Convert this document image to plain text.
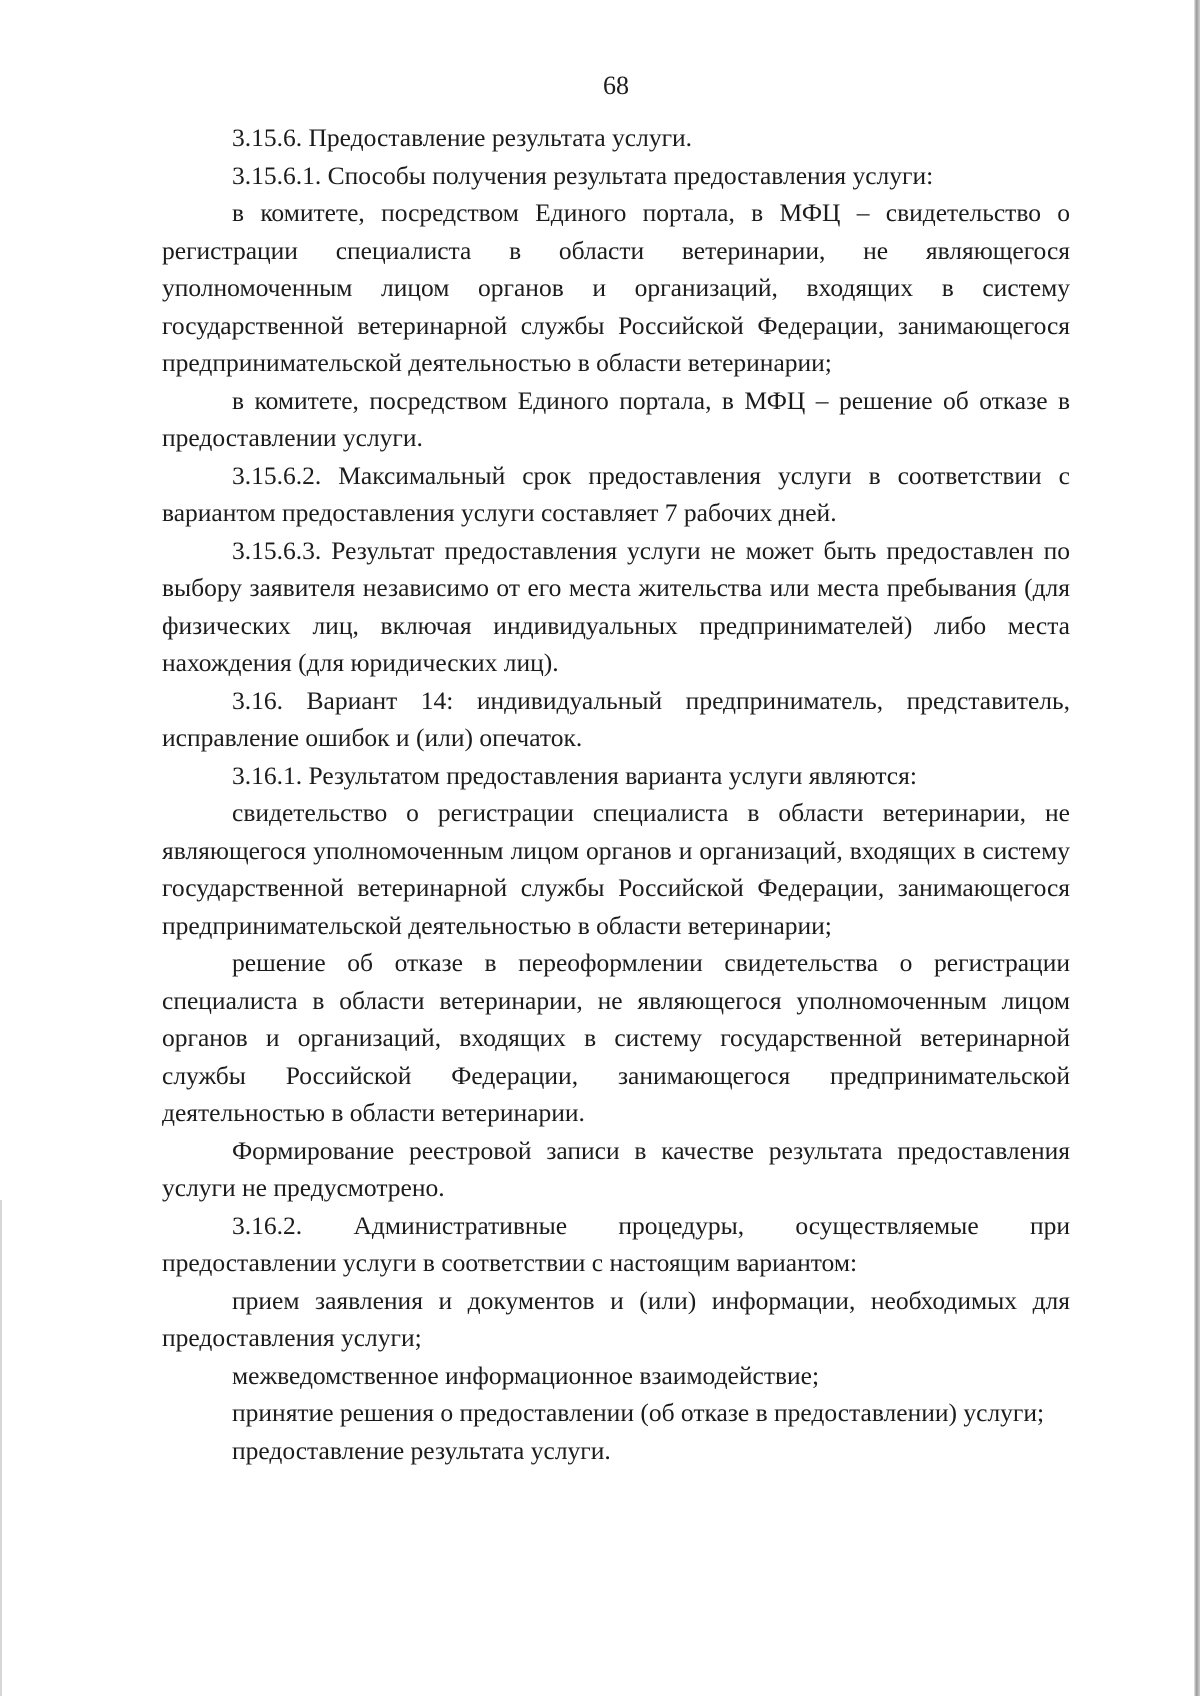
68

3.15.6. Предоставление результата услуги.

3.15.6.1. Способы получения результата предоставления услуги:

в комитете, посредством Единого портала, в МФЦ – свидетельство о регистрации специалиста в области ветеринарии, не являющегося уполномоченным лицом органов и организаций, входящих в систему государственной ветеринарной службы Российской Федерации, занимающегося предпринимательской деятельностью в области ветеринарии;

в комитете, посредством Единого портала, в МФЦ – решение об отказе в предоставлении услуги.

3.15.6.2. Максимальный срок предоставления услуги в соответствии с вариантом предоставления услуги составляет 7 рабочих дней.

3.15.6.3. Результат предоставления услуги не может быть предоставлен по выбору заявителя независимо от его места жительства или места пребывания (для физических лиц, включая индивидуальных предпринимателей) либо места нахождения (для юридических лиц).

3.16. Вариант 14: индивидуальный предприниматель, представитель, исправление ошибок и (или) опечаток.

3.16.1. Результатом предоставления варианта услуги являются:

свидетельство о регистрации специалиста в области ветеринарии, не являющегося уполномоченным лицом органов и организаций, входящих в систему государственной ветеринарной службы Российской Федерации, занимающегося предпринимательской деятельностью в области ветеринарии;

решение об отказе в переоформлении свидетельства о регистрации специалиста в области ветеринарии, не являющегося уполномоченным лицом органов и организаций, входящих в систему государственной ветеринарной службы Российской Федерации, занимающегося предпринимательской деятельностью в области ветеринарии.

Формирование реестровой записи в качестве результата предоставления услуги не предусмотрено.

3.16.2. Административные процедуры, осуществляемые при предоставлении услуги в соответствии с настоящим вариантом:

прием заявления и документов и (или) информации, необходимых для предоставления услуги;

межведомственное информационное взаимодействие;

принятие решения о предоставлении (об отказе в предоставлении) услуги;

предоставление результата услуги.
